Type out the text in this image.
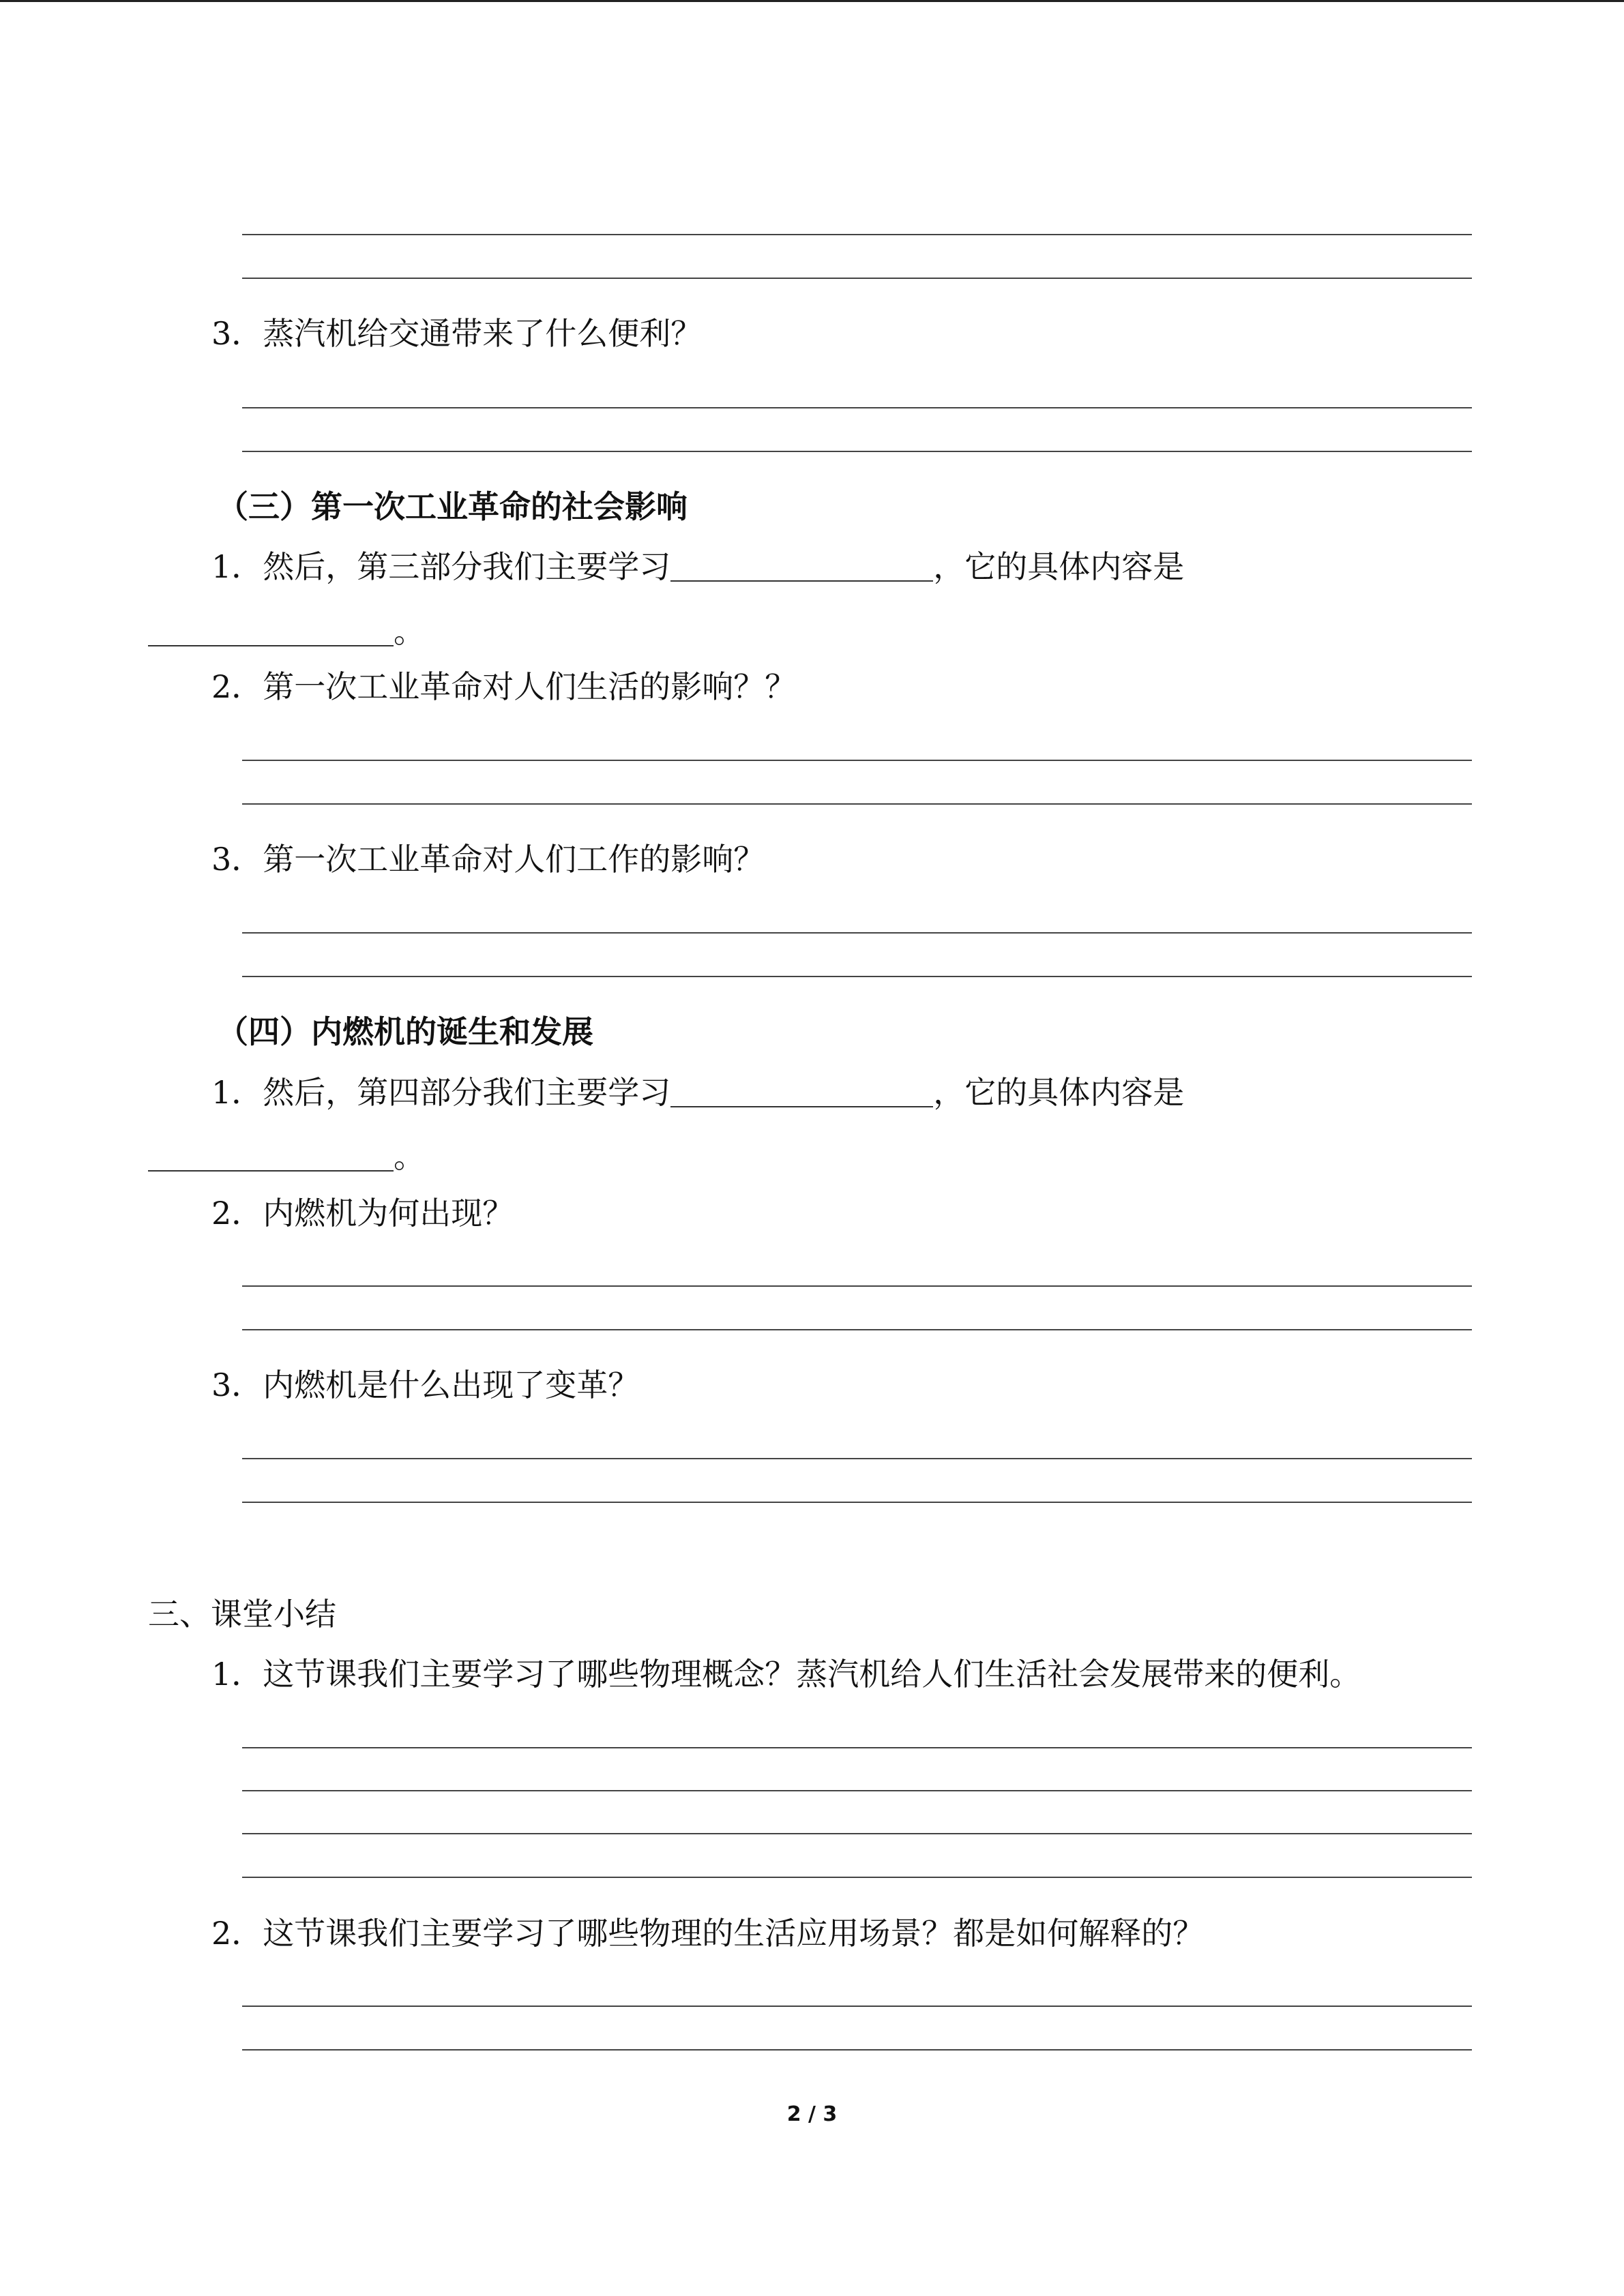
3．蒸汽机给交通带来了什么便利？
（三）第一次工业革命的社会影响
1．然后，第三部分我们主要学习	，它的具体内容是
。
2．第一次工业革命对人们生活的影响？？
3．第一次工业革命对人们工作的影响？
（四）内燃机的诞生和发展
1．然后，第四部分我们主要学习	，它的具体内容是
。
2．内燃机为何出现？
3．内燃机是什么出现了变革？
三、课堂小结
1．这节课我们主要学习了哪些物理概念？蒸汽机给人们生活社会发展带来的便利。
2．这节课我们主要学习了哪些物理的生活应用场景？都是如何解释的？
2 / 3
